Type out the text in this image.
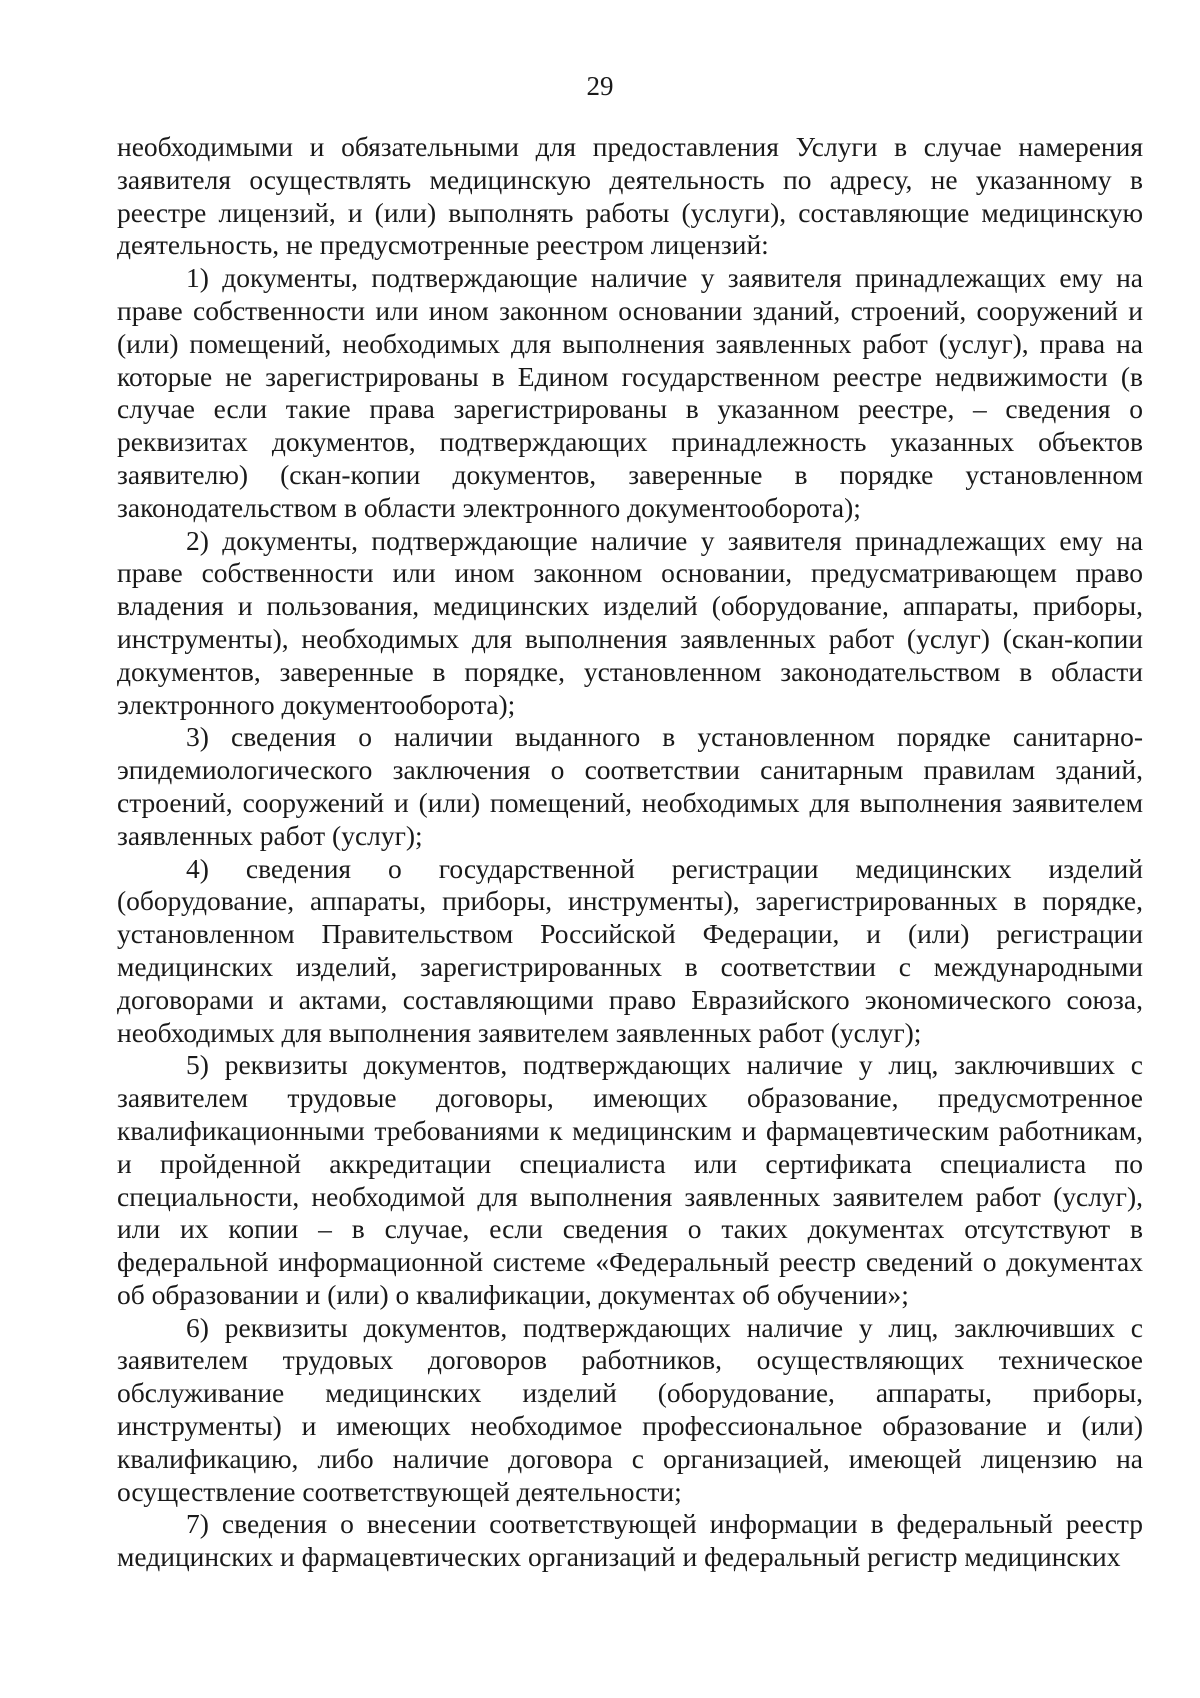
29

необходимыми и обязательными для предоставления Услуги в случае намерения заявителя осуществлять медицинскую деятельность по адресу, не указанному в реестре лицензий, и (или) выполнять работы (услуги), составляющие медицинскую деятельность, не предусмотренные реестром лицензий:

1) документы, подтверждающие наличие у заявителя принадлежащих ему на праве собственности или ином законном основании зданий, строений, сооружений и (или) помещений, необходимых для выполнения заявленных работ (услуг), права на которые не зарегистрированы в Едином государственном реестре недвижимости (в случае если такие права зарегистрированы в указанном реестре, – сведения о реквизитах документов, подтверждающих принадлежность указанных объектов заявителю) (скан-копии документов, заверенные в порядке установленном законодательством в области электронного документооборота);

2) документы, подтверждающие наличие у заявителя принадлежащих ему на праве собственности или ином законном основании, предусматривающем право владения и пользования, медицинских изделий (оборудование, аппараты, приборы, инструменты), необходимых для выполнения заявленных работ (услуг) (скан-копии документов, заверенные в порядке, установленном законодательством в области электронного документооборота);

3) сведения о наличии выданного в установленном порядке санитарно-эпидемиологического заключения о соответствии санитарным правилам зданий, строений, сооружений и (или) помещений, необходимых для выполнения заявителем заявленных работ (услуг);

4) сведения о государственной регистрации медицинских изделий (оборудование, аппараты, приборы, инструменты), зарегистрированных в порядке, установленном Правительством Российской Федерации, и (или) регистрации медицинских изделий, зарегистрированных в соответствии с международными договорами и актами, составляющими право Евразийского экономического союза, необходимых для выполнения заявителем заявленных работ (услуг);

5) реквизиты документов, подтверждающих наличие у лиц, заключивших с заявителем трудовые договоры, имеющих образование, предусмотренное квалификационными требованиями к медицинским и фармацевтическим работникам, и пройденной аккредитации специалиста или сертификата специалиста по специальности, необходимой для выполнения заявленных заявителем работ (услуг), или их копии – в случае, если сведения о таких документах отсутствуют в федеральной информационной системе «Федеральный реестр сведений о документах об образовании и (или) о квалификации, документах об обучении»;

6) реквизиты документов, подтверждающих наличие у лиц, заключивших с заявителем трудовых договоров работников, осуществляющих техническое обслуживание медицинских изделий (оборудование, аппараты, приборы, инструменты) и имеющих необходимое профессиональное образование и (или) квалификацию, либо наличие договора с организацией, имеющей лицензию на осуществление соответствующей деятельности;

7) сведения о внесении соответствующей информации в федеральный реестр медицинских и фармацевтических организаций и федеральный регистр медицинских
